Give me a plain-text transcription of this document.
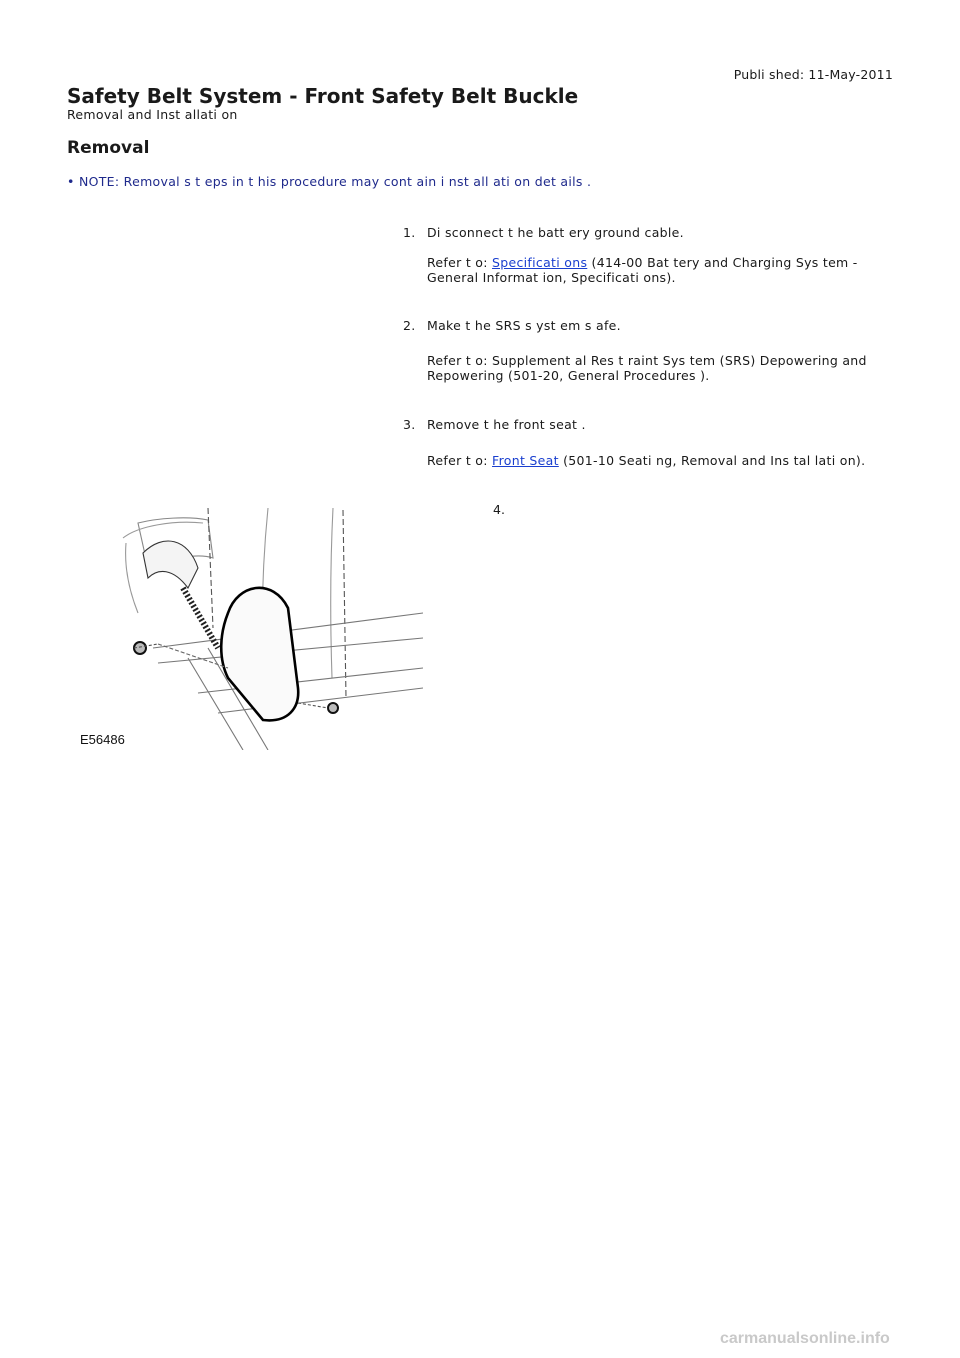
Publi shed: 11-May-2011
Safety Belt System - Front Safety Belt Buckle
Removal and Inst allati on
Removal
• NOTE: Removal s t eps in t his procedure may cont ain i nst all ati on det ails .
1. Di sconnect t he batt ery ground cable.
Refer t o: Specificati ons (414-00 Bat tery and Charging Sys tem - General Informat ion, Specificati ons).
2. Make t he SRS s yst em s afe.
Refer t o: Supplement al Res t raint Sys tem (SRS) Depowering and Repowering (501-20, General Procedures ).
3. Remove t he front seat .
Refer t o: Front Seat (501-10 Seati ng, Removal and Ins tal lati on).
4.
E56486
carmanualsonline.info
